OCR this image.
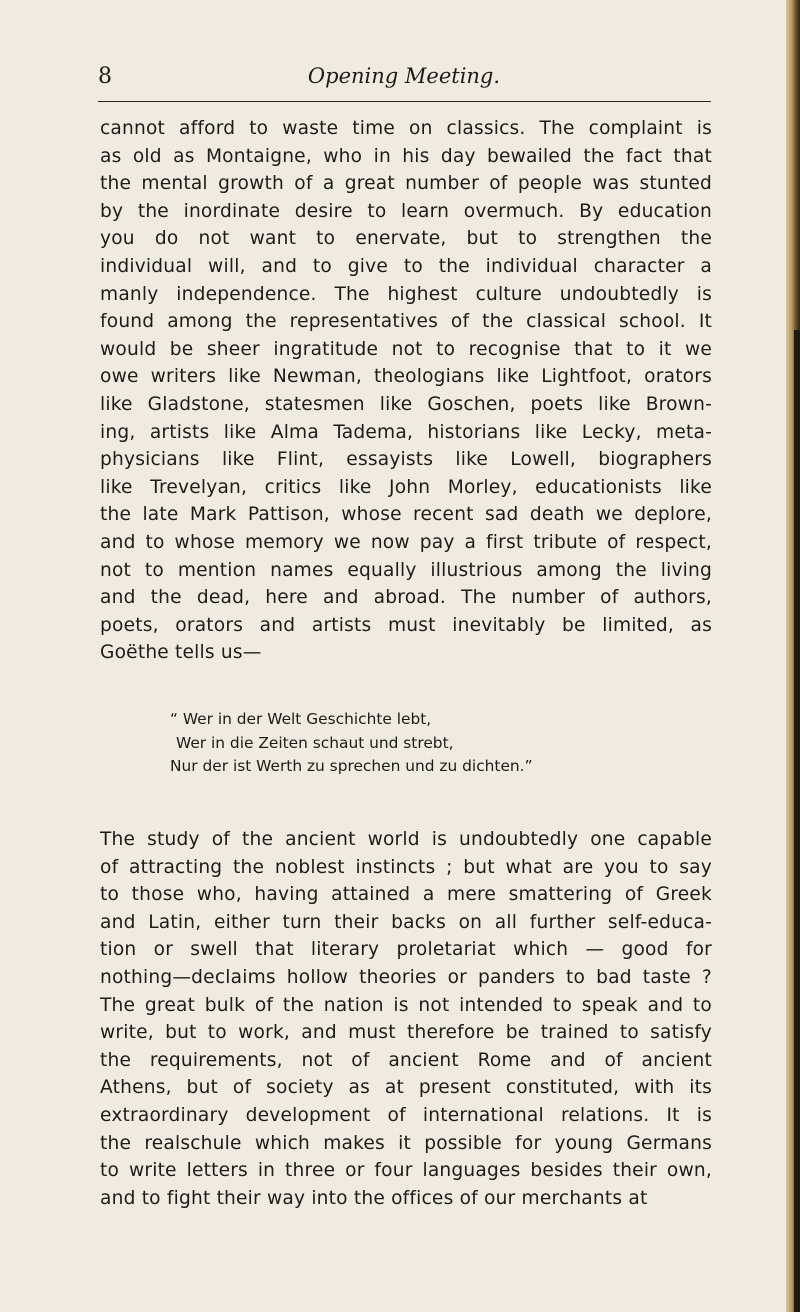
8	Opening Meeting.
cannot afford to waste time on classics. The complaint is
as old as Montaigne, who in his day bewailed the fact that
the mental growth of a great number of people was stunted
by the inordinate desire to learn overmuch. By education
you do not want to enervate, but to strengthen the
individual will, and to give to the individual character a
manly independence. The highest culture undoubtedly is
found among the representatives of the classical school. It
would be sheer ingratitude not to recognise that to it we
owe writers like Newman, theologians like Lightfoot, orators
like Gladstone, statesmen like Goschen, poets like Brown-
ing, artists like Alma Tadema, historians like Lecky, meta-
physicians like Flint, essayists like Lowell, biographers
like Trevelyan, critics like John Morley, educationists like
the late Mark Pattison, whose recent sad death we deplore,
and to whose memory we now pay a first tribute of respect,
not to mention names equally illustrious among the living
and the dead, here and abroad. The number of authors,
poets, orators and artists must inevitably be limited, as
Goëthe tells us—
“ Wer in der Welt Geschichte lebt,
Wer in die Zeiten schaut und strebt,
Nur der ist Werth zu sprechen und zu dichten.”
The study of the ancient world is undoubtedly one capable
of attracting the noblest instincts ; but what are you to say
to those who, having attained a mere smattering of Greek
and Latin, either turn their backs on all further self-educa-
tion or swell that literary proletariat which — good for
nothing—declaims hollow theories or panders to bad taste ?
The great bulk of the nation is not intended to speak and to
write, but to work, and must therefore be trained to satisfy
the requirements, not of ancient Rome and of ancient
Athens, but of society as at present constituted, with its
extraordinary development of international relations. It is
the realschule which makes it possible for young Germans
to write letters in three or four languages besides their own,
and to fight their way into the offices of our merchants at
